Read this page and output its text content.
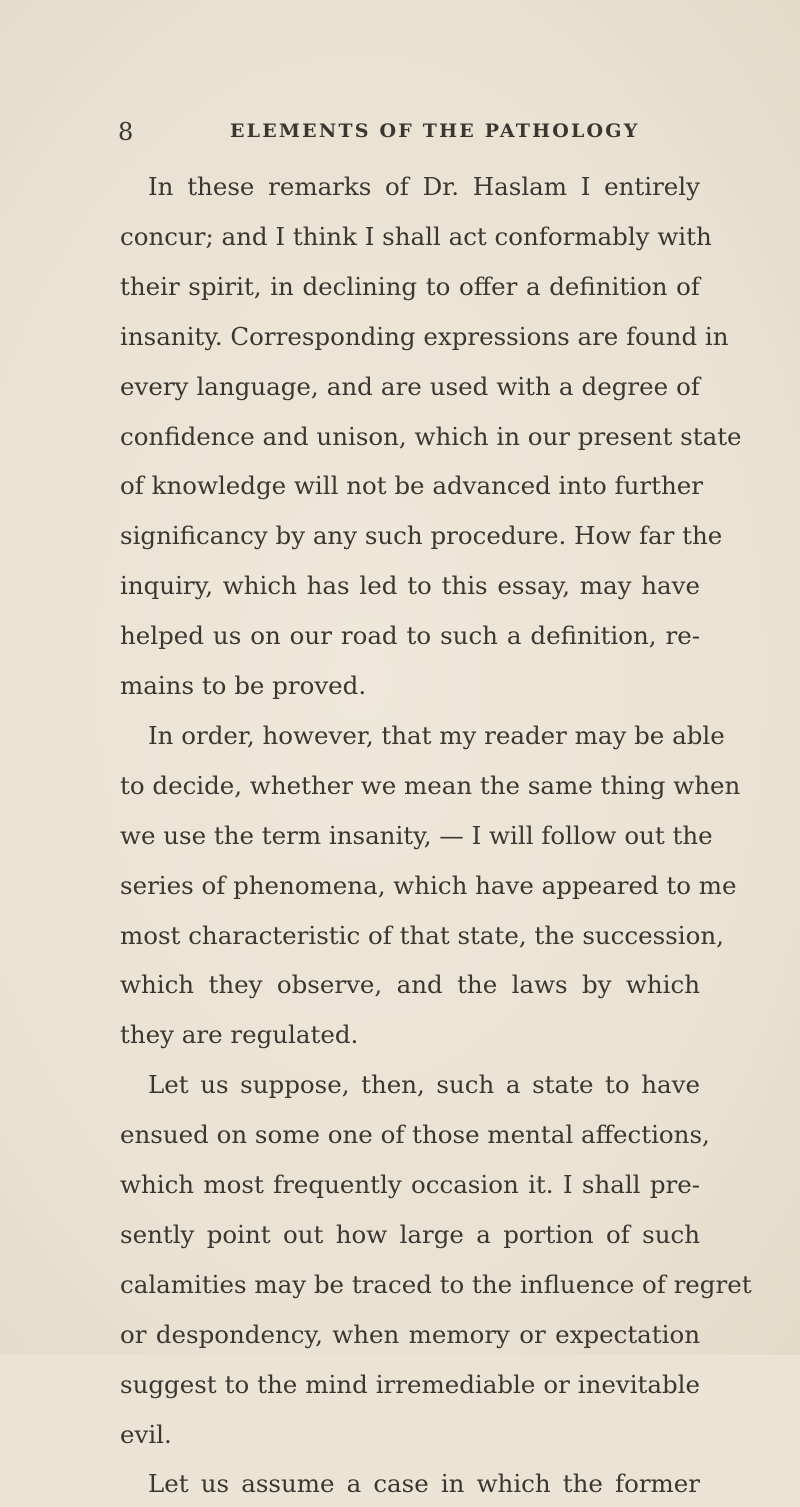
8	ELEMENTS OF THE PATHOLOGY
In these remarks of Dr. Haslam I entirely
concur; and I think I shall act conformably with
their spirit, in declining to offer a definition of
insanity. Corresponding expressions are found in
every language, and are used with a degree of
confidence and unison, which in our present state
of knowledge will not be advanced into further
significancy by any such procedure. How far the
inquiry, which has led to this essay, may have
helped us on our road to such a definition, re-
mains to be proved.
In order, however, that my reader may be able
to decide, whether we mean the same thing when
we use the term insanity, — I will follow out the
series of phenomena, which have appeared to me
most characteristic of that state, the succession,
which they observe, and the laws by which
they are regulated.
Let us suppose, then, such a state to have
ensued on some one of those mental affections,
which most frequently occasion it. I shall pre-
sently point out how large a portion of such
calamities may be traced to the influence of regret
or despondency, when memory or expectation
suggest to the mind irremediable or inevitable
evil.
Let us assume a case in which the former
